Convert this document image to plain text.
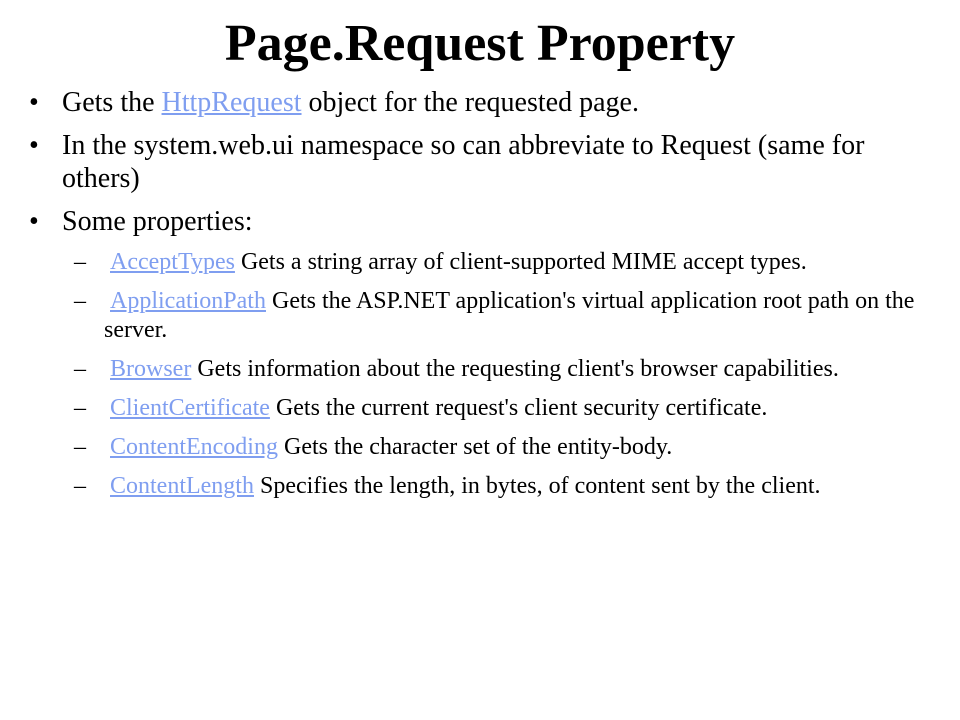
Page.Request Property
• Gets the HttpRequest object for the requested page.
• In the system.web.ui namespace so can abbreviate to Request (same for others)
• Some properties:
– AcceptTypes Gets a string array of client-supported MIME accept types.
– ApplicationPath Gets the ASP.NET application's virtual application root path on the server.
– Browser Gets information about the requesting client's browser capabilities.
– ClientCertificate Gets the current request's client security certificate.
– ContentEncoding Gets the character set of the entity-body.
– ContentLength Specifies the length, in bytes, of content sent by the client.
